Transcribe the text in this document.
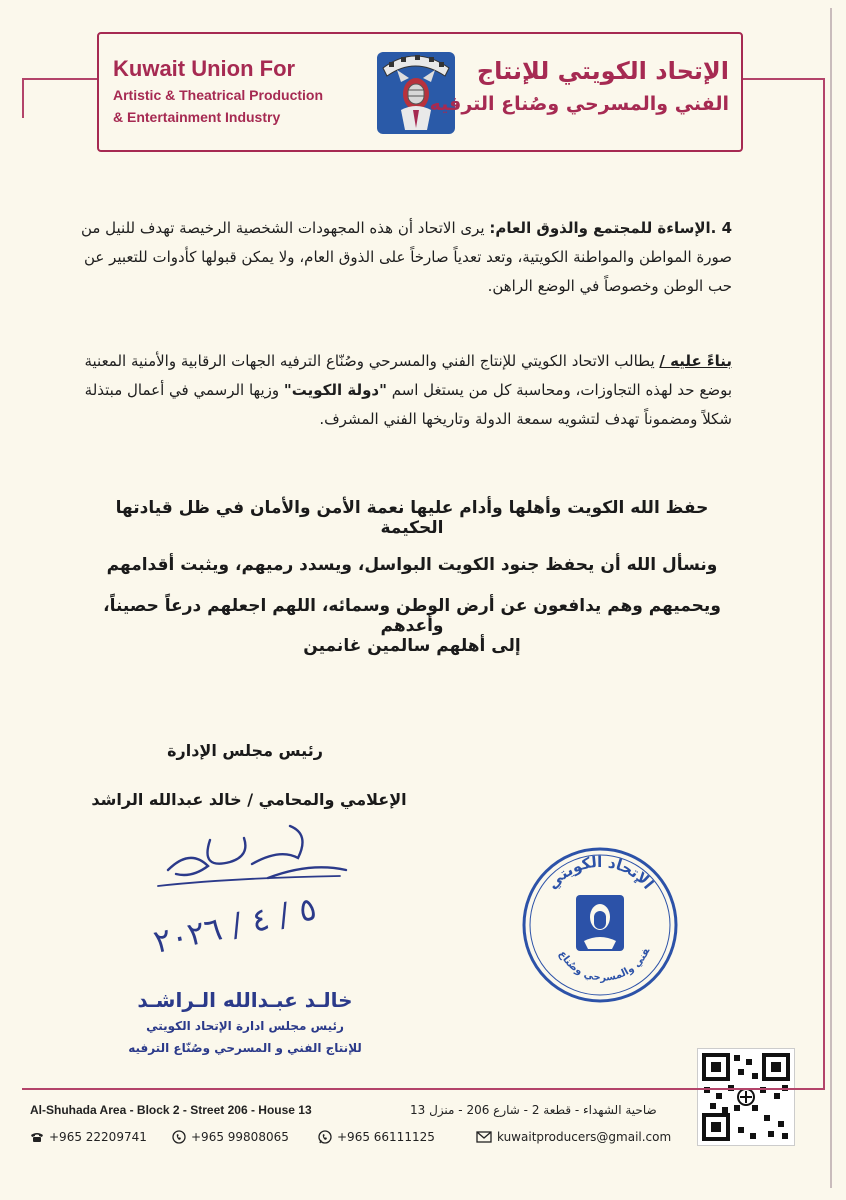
Kuwait Union For
Artistic & Theatrical Production
& Entertainment Industry
الإتحاد الكويتي للإنتاج
الفني والمسرحي وصُناع الترفيه
4 .الإساءة للمجتمع والذوق العام: يرى الاتحاد أن هذه المجهودات الشخصية الرخيصة تهدف للنيل من صورة المواطن والمواطنة الكويتية، وتعد تعدياً صارخاً على الذوق العام، ولا يمكن قبولها كأدوات للتعبير عن حب الوطن وخصوصاً في الوضع الراهن.
بناءً عليه / يطالب الاتحاد الكويتي للإنتاج الفني والمسرحي وصُنّاع الترفيه الجهات الرقابية والأمنية المعنية بوضع حد لهذه التجاوزات، ومحاسبة كل من يستغل اسم "دولة الكويت" وزيها الرسمي في أعمال مبتذلة شكلاً ومضموناً تهدف لتشويه سمعة الدولة وتاريخها الفني المشرف.
حفظ الله الكويت وأهلها وأدام عليها نعمة الأمن والأمان في ظل قيادتها الحكيمة
ونسأل الله أن يحفظ جنود الكويت البواسل، ويسدد رميهم، ويثبت أقدامهم
ويحميهم وهم يدافعون عن أرض الوطن وسمائه، اللهم اجعلهم درعاً حصيناً، وأعدهم
إلى أهلهم سالمين غانمين
رئيس مجلس الإدارة
الإعلامي والمحامي / خالد عبدالله الراشد
٥ / ٤ / ٢٠٢٦
خالـد عبـدالله الـراشـد
رئيس مجلس ادارة الإتحاد الكويتي
للإنتاج الفني و المسرحي وصُنّاع الترفيه
الإتحاد الكويتي
فني والمسرحي وصُناع
Al-Shuhada Area - Block 2 - Street 206 - House 13	ضاحية الشهداء - قطعة 2 - شارع 206 - منزل 13
+965 22209741	+965 99808065	+965 66111125	kuwaitproducers@gmail.com
